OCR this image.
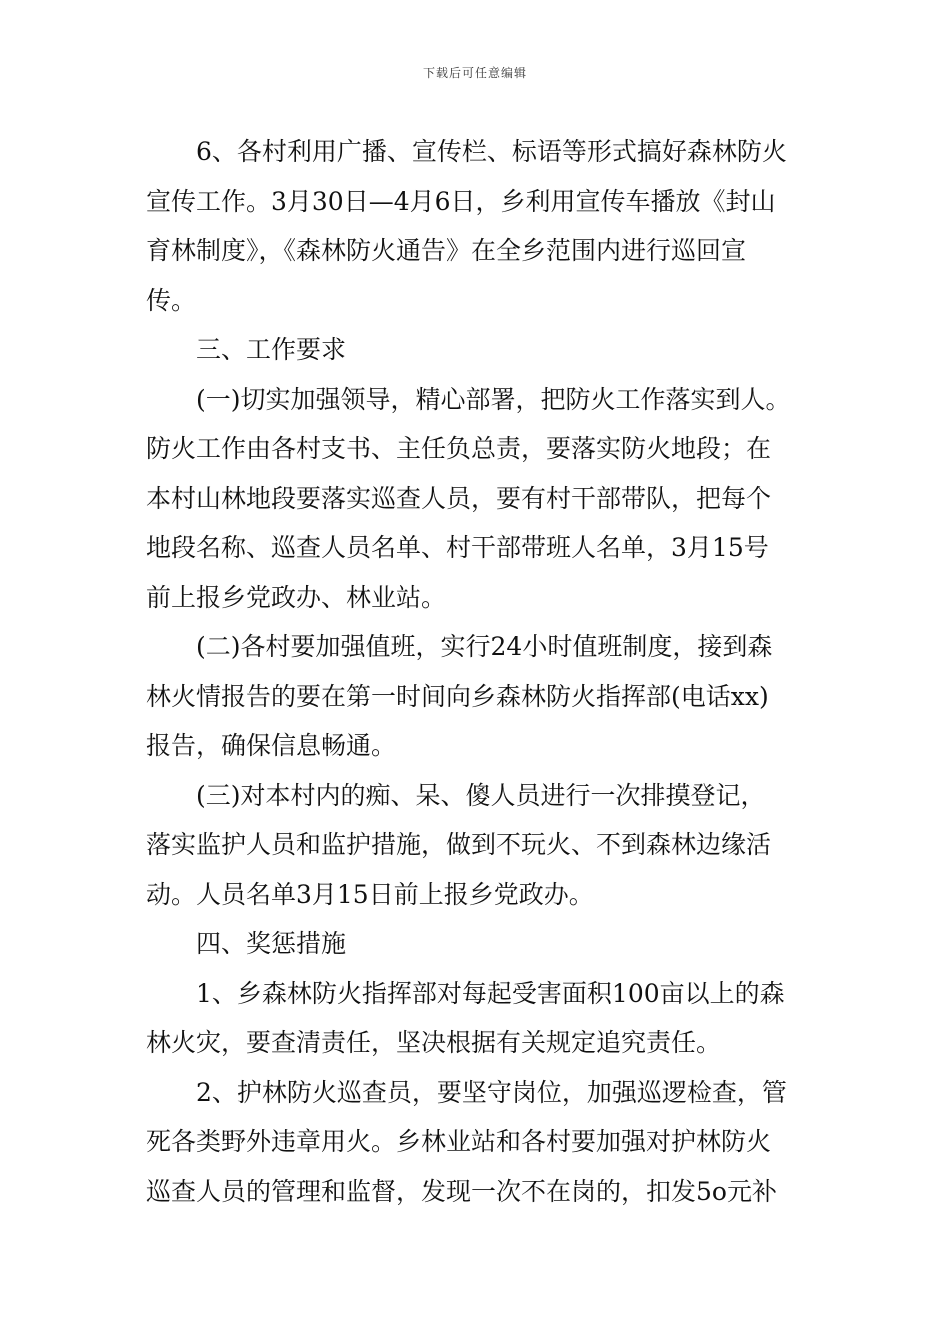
下载后可任意编辑
6、各村利用广播、宣传栏、标语等形式搞好森林防火
宣传工作。3月30日—4月6日，乡利用宣传车播放《封山
育林制度》，《森林防火通告》在全乡范围内进行巡回宣
传。
三、工作要求
(一)切实加强领导，精心部署，把防火工作落实到人。
防火工作由各村支书、主任负总责，要落实防火地段；在
本村山林地段要落实巡查人员，要有村干部带队，把每个
地段名称、巡查人员名单、村干部带班人名单，3月15号
前上报乡党政办、林业站。
(二)各村要加强值班，实行24小时值班制度，接到森
林火情报告的要在第一时间向乡森林防火指挥部(电话xx)
报告，确保信息畅通。
(三)对本村内的痴、呆、傻人员进行一次排摸登记，
落实监护人员和监护措施，做到不玩火、不到森林边缘活
动。人员名单3月15日前上报乡党政办。
四、奖惩措施
1、乡森林防火指挥部对每起受害面积100亩以上的森
林火灾，要查清责任，坚决根据有关规定追究责任。
2、护林防火巡查员，要坚守岗位，加强巡逻检查，管
死各类野外违章用火。乡林业站和各村要加强对护林防火
巡查人员的管理和监督，发现一次不在岗的，扣发5o元补
